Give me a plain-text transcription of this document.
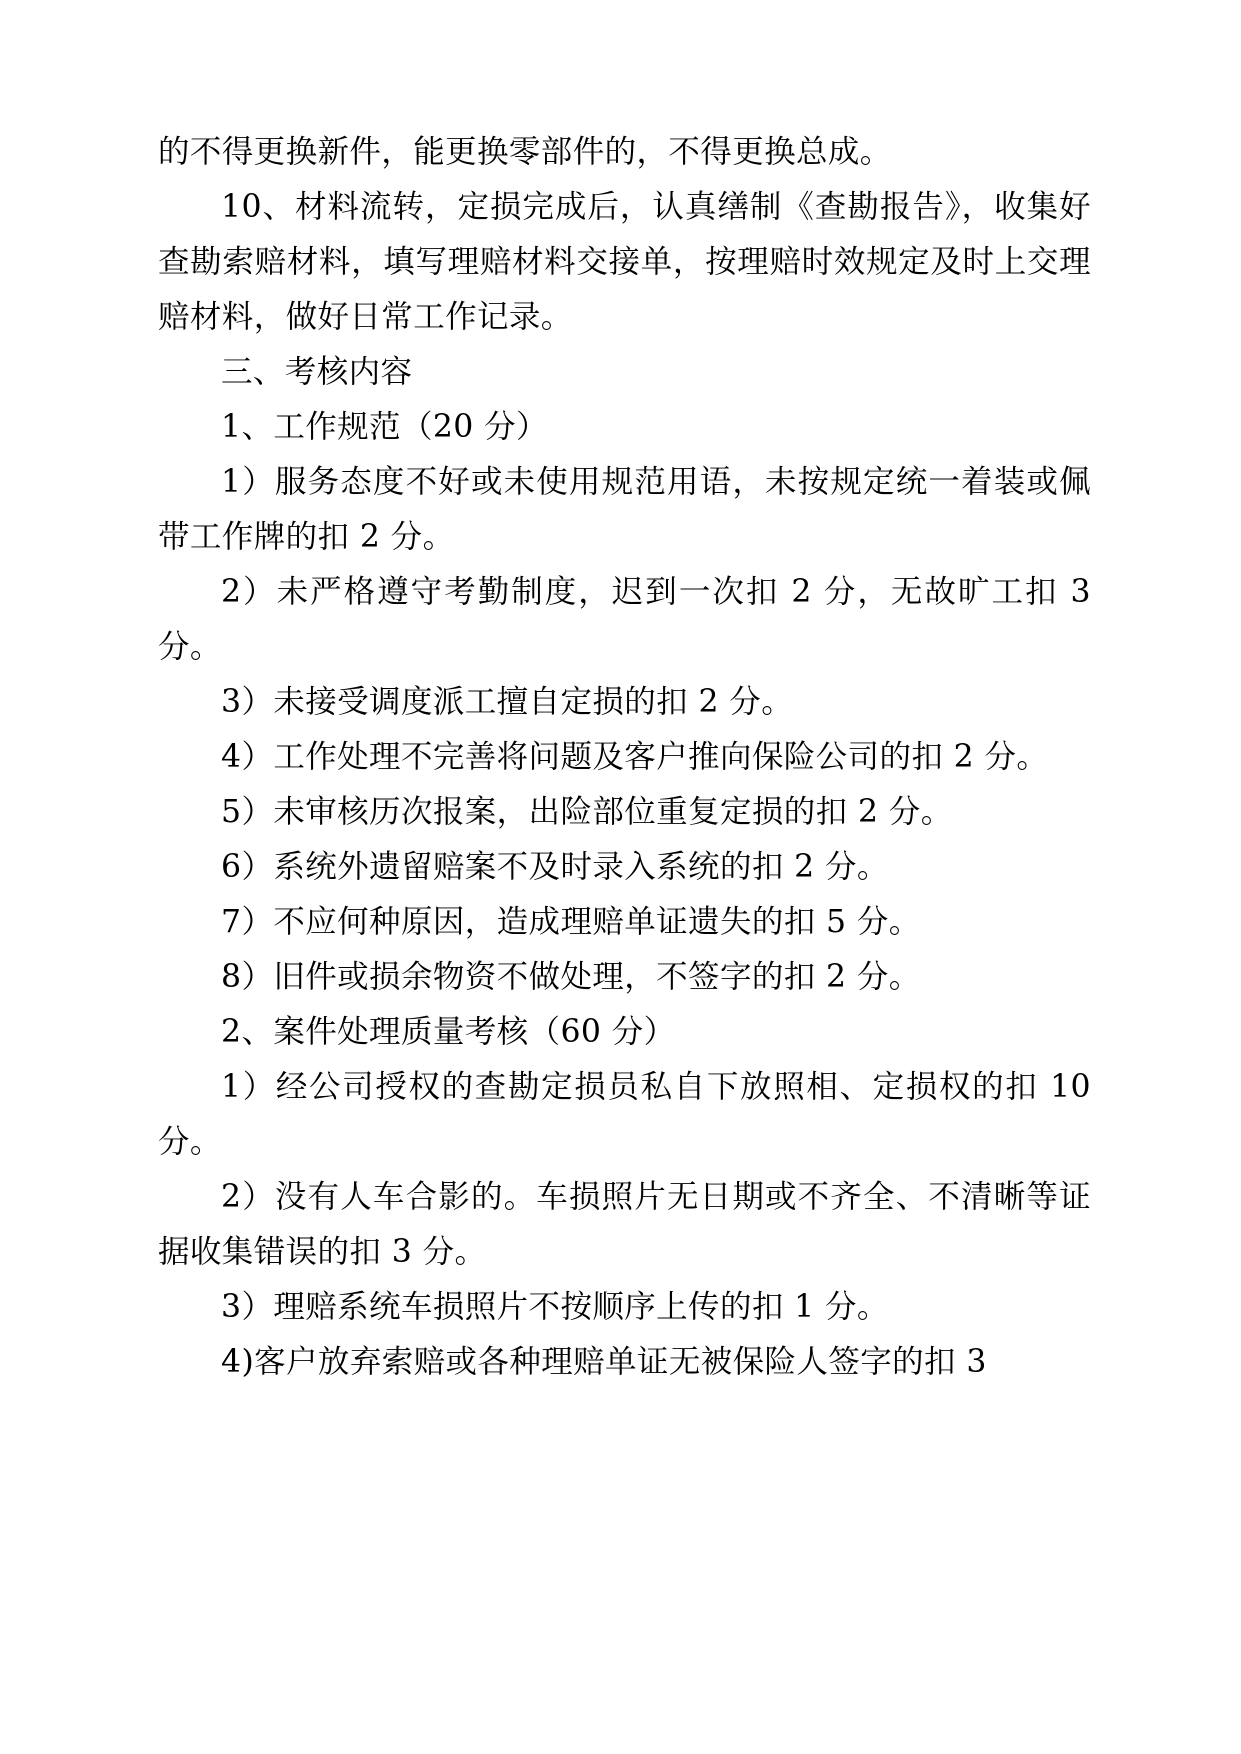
的不得更换新件，能更换零部件的，不得更换总成。

10、材料流转，定损完成后，认真缮制《查勘报告》，收集好查勘索赔材料，填写理赔材料交接单，按理赔时效规定及时上交理赔材料，做好日常工作记录。

三、考核内容

1、工作规范（20 分）

1）服务态度不好或未使用规范用语，未按规定统一着装或佩带工作牌的扣 2 分。

2）未严格遵守考勤制度，迟到一次扣 2 分，无故旷工扣 3 分。

3）未接受调度派工擅自定损的扣 2 分。

4）工作处理不完善将问题及客户推向保险公司的扣 2 分。

5）未审核历次报案，出险部位重复定损的扣 2 分。

6）系统外遗留赔案不及时录入系统的扣 2 分。

7）不应何种原因，造成理赔单证遗失的扣 5 分。

8）旧件或损余物资不做处理，不签字的扣 2 分。

2、案件处理质量考核（60 分）

1）经公司授权的查勘定损员私自下放照相、定损权的扣 10 分。

2）没有人车合影的。车损照片无日期或不齐全、不清晰等证据收集错误的扣 3 分。

3）理赔系统车损照片不按顺序上传的扣 1 分。

4)客户放弃索赔或各种理赔单证无被保险人签字的扣 3
